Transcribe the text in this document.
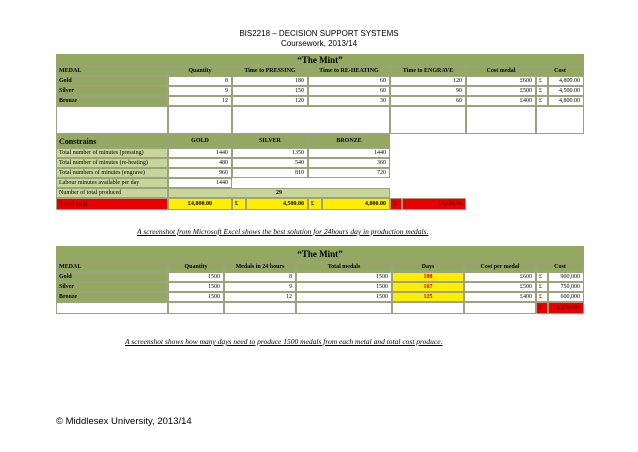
BIS2218 – DECISION SUPPORT SYSTEMS
Coursework, 2013/14
“The Mint”
MEDAL	Quantity	Time to PRESSING	Time to RE-HEATING	Time to ENGRAVE	Cost medal	Cost
Gold	8	180	60	120	£600	£	4,800.00
Silver	9	150	60	90	£500	£	4,500.00
Bronze	12	120	30	60	£400	£	4,800.00
Constrains	GOLD	SILVER	BRONZE
Total number of minutes (pressing)	1440	1350	1440
Total number of minutes (re-heating)	480	540	360
Total numbers of minutes (engrave)	960	810	720
Labour minutes available per day	1440
Number of total produced	29
Total cost	£4,800.00	£	4,500.00	£	4,800.00	£	14,100.00
A screenshot from Microsoft Excel shows the best solution for 24hours day in production medals.
“The Mint”
MEDAL	Quantity	Medals in 24 hours	Total medals	Days	Cost per medal	Cost
Gold	1500	8	1500	188	£600	£	900,000
Silver	1500	9	1500	167	£500	£	750,000
Bronze	1500	12	1500	125	£400	£	600,000
£	2,250,000
A screenshot shows how many days need to produce 1500 medals from each metal and total cost produce.
© Middlesex University, 2013/14
